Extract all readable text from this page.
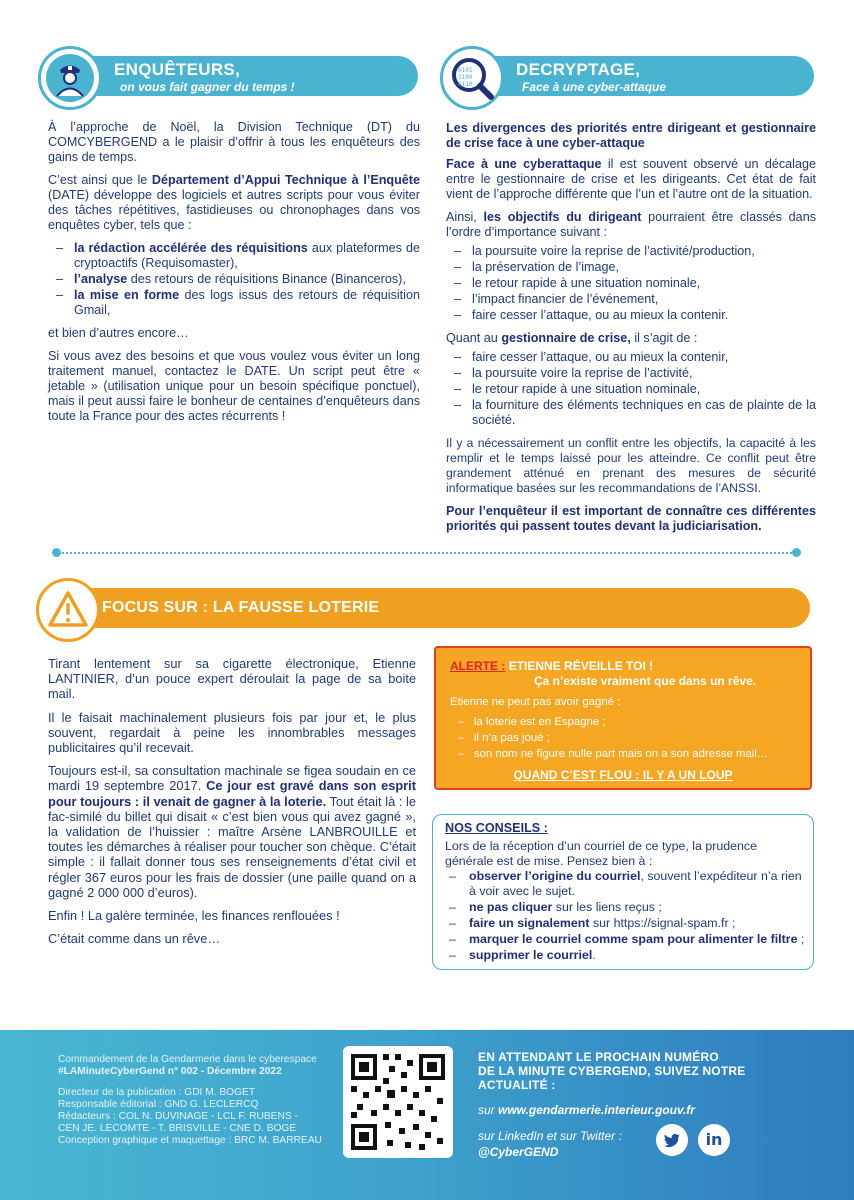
ENQUÊTEURS,
on vous fait gagner du temps !

À l’approche de Noël, la Division Technique (DT) du COMCYBERGEND a le plaisir d’offrir à tous les enquêteurs des gains de temps.

C’est ainsi que le Département d’Appui Technique à l’Enquête (DATE) développe des logiciels et autres scripts pour vous éviter des tâches répétitives, fastidieuses ou chronophages dans vos enquêtes cyber, tels que :

– la rédaction accélérée des réquisitions aux plateformes de cryptoactifs (Requisomaster),
– l’analyse des retours de réquisitions Binance (Binanceros),
– la mise en forme des logs issus des retours de réquisition Gmail,

et bien d’autres encore…

Si vous avez des besoins et que vous voulez vous éviter un long traitement manuel, contactez le DATE. Un script peut être « jetable » (utilisation unique pour un besoin spécifique ponctuel), mais il peut aussi faire le bonheur de centaines d’enquêteurs dans toute la France pour des actes récurrents !

DECRYPTAGE,
Face à une cyber-attaque
0101
1100
0110

Les divergences des priorités entre dirigeant et gestionnaire de crise face à une cyber-attaque

Face à une cyberattaque il est souvent observé un décalage entre le gestionnaire de crise et les dirigeants. Cet état de fait vient de l’approche différente que l’un et l’autre ont de la situation.

Ainsi, les objectifs du dirigeant pourraient être classés dans l’ordre d’importance suivant :

– la poursuite voire la reprise de l’activité/production,
– la préservation de l’image,
– le retour rapide à une situation nominale,
– l’impact financier de l’événement,
– faire cesser l’attaque, ou au mieux la contenir.

Quant au gestionnaire de crise, il s’agit de :

– faire cesser l’attaque, ou au mieux la contenir,
– la poursuite voire la reprise de l’activité,
– le retour rapide à une situation nominale,
– la fourniture des éléments techniques en cas de plainte de la société.

Il y a nécessairement un conflit entre les objectifs, la capacité à les remplir et le temps laissé pour les atteindre. Ce conflit peut être grandement atténué en prenant des mesures de sécurité informatique basées sur les recommandations de l’ANSSI.

Pour l’enquêteur il est important de connaître ces différentes priorités qui passent toutes devant la judiciarisation.

FOCUS SUR : LA FAUSSE LOTERIE

Tirant lentement sur sa cigarette électronique, Etienne LANTINIER, d’un pouce expert déroulait la page de sa boite mail.

Il le faisait machinalement plusieurs fois par jour et, le plus souvent, regardait à peine les innombrables messages publicitaires qu’il recevait.

Toujours est-il, sa consultation machinale se figea soudain en ce mardi 19 septembre 2017. Ce jour est gravé dans son esprit pour toujours : il venait de gagner à la loterie. Tout était là : le fac-similé du billet qui disait « c’est bien vous qui avez gagné », la validation de l’huissier : maître Arsène LANBROUILLE et toutes les démarches à réaliser pour toucher son chèque. C’était simple : il fallait donner tous ses renseignements d’état civil et régler 367 euros pour les frais de dossier (une paille quand on a gagné 2 000 000 d’euros).

Enfin ! La galère terminée, les finances renflouées !

C’était comme dans un rêve…

ALERTE : ETIENNE RÉVEILLE TOI !
Ça n’existe vraiment que dans un rêve.
Etienne ne peut pas avoir gagné :
–   la loterie est en Espagne ;
–   il n’a pas joué ;
–   son nom ne figure nulle part mais on a son adresse mail…
QUAND C’EST FLOU : IL Y A UN LOUP
NOS CONSEILS :

Lors de la réception d’un courriel de ce type, la prudence générale est de mise. Pensez bien à :

– observer l’origine du courriel, souvent l’expéditeur n’a rien à voir avec le sujet.
– ne pas cliquer sur les liens reçus ;
– faire un signalement sur https://signal-spam.fr ;
– marquer le courriel comme spam pour alimenter le filtre ;
– supprimer le courriel.
Commandement de la Gendarmerie dans le cyberespace
#LAMinuteCyberGend n° 002 - Décembre 2022
Directeur de la publication : GDI M. BOGET
Responsable éditorial : GND G. LECLERCQ
Rédacteurs : COL N. DUVINAGE - LCL F. RUBENS -
CEN JE. LECOMTE - T. BRISVILLE - CNE D. BOGE
Conception graphique et maquettage : BRC M. BARREAU
EN ATTENDANT LE PROCHAIN NUMÉRO
DE LA MINUTE CYBERGEND, SUIVEZ NOTRE
ACTUALITÉ :
sur www.gendarmerie.interieur.gouv.fr
sur LinkedIn et sur Twitter :
@CyberGEND
in
